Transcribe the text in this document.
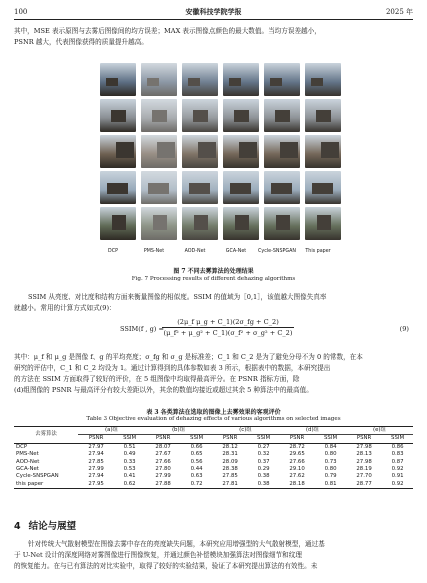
100	安徽科技学院学报	2025 年

其中，MSE 表示原图与去雾后图像间的均方误差；MAX 表示图像点颜色的最大数值。当均方误差越小，

PSNR 越大，代表图像获得的质量提升越高。

DCP	PMS-Net	AOD-Net	GCA-Net	Cycle-SNSPGAN	This paper
图 7 不同去雾算法的处理结果
Fig. 7 Processing results of different dehazing algorithms

SSIM 从亮度、对比度和结构方面来衡量图像的相似度。SSIM 的值域为［0,1］，该值越大图像失真率

就越小。常用的计算方式如式(9)：

SSIM(f , g) =
$\frac{\text{(2μ\_f μ\_g + C\_1)(2σ\_fg + C\_2)}}{\text{(μ\_f² + μ\_g² + C\_1)(σ\_f² + σ\_g² + C\_2)}}$	(9)

其中：μ_f 和 μ_g 是图像 f、g 的平均亮度；σ_fg 和 σ_g 是标准差；C_1 和 C_2 是为了避免分母不为 0 的常数，在本

研究的评估中，C_1 和 C_2 均设为 1。通过计算得到的具体参数如表 3 所示，根据表中的数据，本研究提出

的方法在 SSIM 方面取得了较好的评价，在 5 组图像中均取得最高评分。在 PSNR 指标方面，除

(d)组图像的 PSNR 与最高评分有较大差距以外，其余的数值均接近或超过其余 5 种算法中的最高值。

表 3 各类算法在选取的图像上去雾效果的客观评价
Table 3 Objective evaluation of dehazing effects of various algorithms on selected images
去雾算法	(a)组		(b)组		(c)组		(d)组		(e)组	
	PSNR	SSIM	PSNR	SSIM	PSNR	SSIM	PSNR	SSIM	PSNR	SSIM
DCP	27.97	0.51	28.07	0.66	28.12	0.27	28.72	0.84	27.98	0.86
PMS-Net	27.94	0.49	27.67	0.65	28.31	0.32	29.65	0.80	28.13	0.83
AOD-Net	27.85	0.33	27.66	0.56	28.09	0.37	27.66	0.73	27.98	0.87
GCA-Net	27.99	0.53	27.80	0.44	28.38	0.29	29.10	0.80	28.19	0.92
Cycle-SNSPGAN	27.94	0.41	27.99	0.63	27.85	0.38	27.62	0.79	27.70	0.91
this paper	27.95	0.62	27.88	0.72	27.81	0.38	28.18	0.81	28.77	0.92
4 结论与展望

针对传统大气散射模型在图像去雾中存在的亮度缺失问题，本研究应用增强型的大气散射模型，通过基

于 U-Net 设计的深度网络对雾图像进行图像恢复，并通过颜色补偿模块加强算法对图像细节和纹理

的恢复能力。在与已有算法的对比实验中，取得了较好的实验结果，验证了本研究提出算法的有效性。未
